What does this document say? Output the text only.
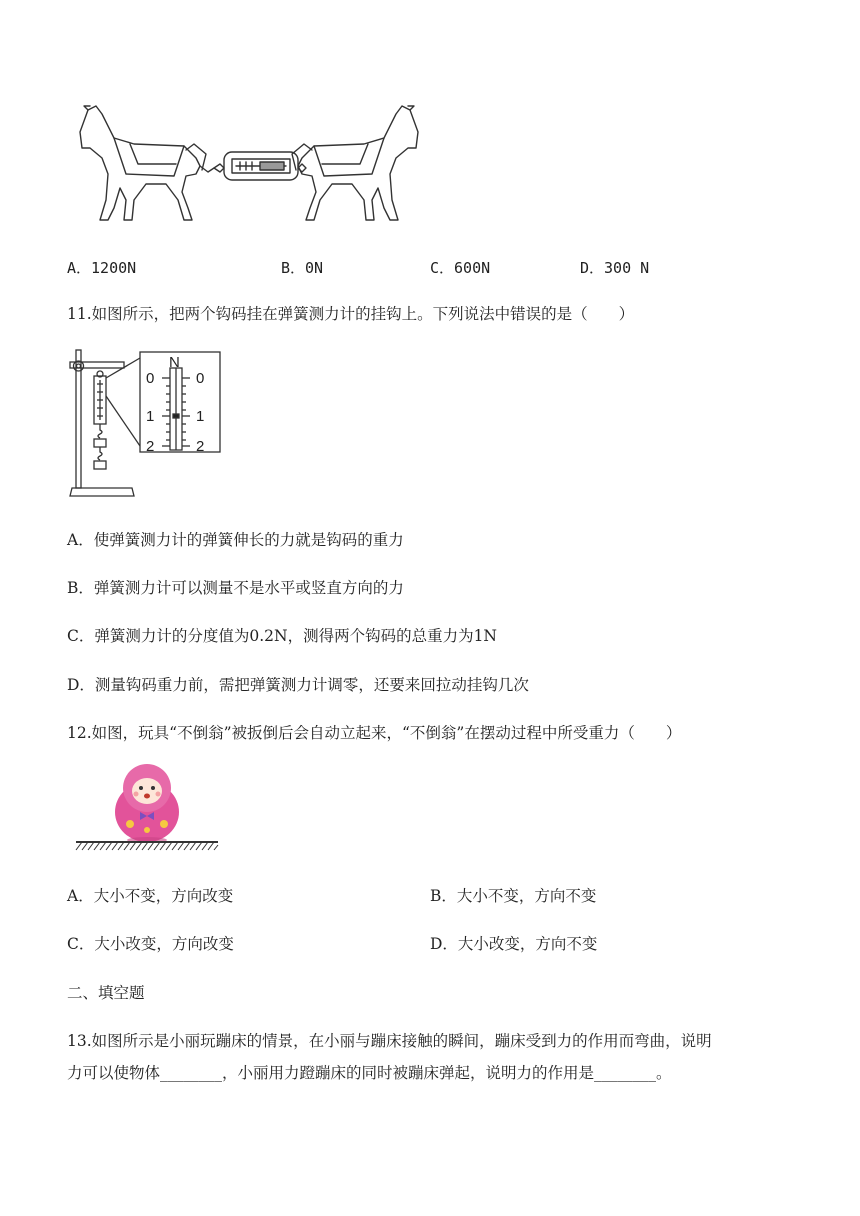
A．1200N	B．0N	C．600N	D．300 N
11.如图所示，把两个钩码挂在弹簧测力计的挂钩上。下列说法中错误的是（　　）
N
0
1
2
0
1
2
A．使弹簧测力计的弹簧伸长的力就是钩码的重力
B．弹簧测力计可以测量不是水平或竖直方向的力
C．弹簧测力计的分度值为0.2N，测得两个钩码的总重力为1N
D．测量钩码重力前，需把弹簧测力计调零，还要来回拉动挂钩几次
12.如图，玩具“不倒翁”被扳倒后会自动立起来，“不倒翁”在摆动过程中所受重力（　　）
A．大小不变，方向改变	B．大小不变，方向不变
C．大小改变，方向改变	D．大小改变，方向不变
二、填空题
13.如图所示是小丽玩蹦床的情景，在小丽与蹦床接触的瞬间，蹦床受到力的作用而弯曲，说明
力可以使物体________，小丽用力蹬蹦床的同时被蹦床弹起，说明力的作用是________。
